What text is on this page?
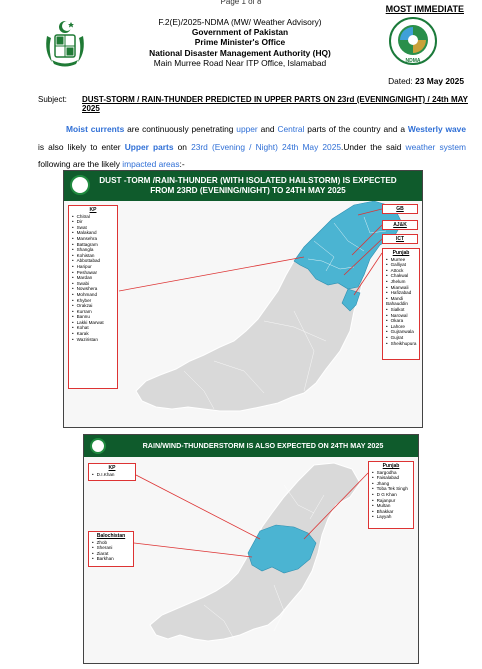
Page 1 of 8
MOST IMMEDIATE
F.2(E)/2025-NDMA (MW/ Weather Advisory)
Government of Pakistan
Prime Minister's Office
National Disaster Management Authority (HQ)
Main Murree Road Near ITP Office, Islamabad	NDMA
Dated: 23 May 2025
Subject: DUST-STORM / RAIN-THUNDER PREDICTED IN UPPER PARTS ON 23rd (EVENING/NIGHT) / 24th MAY 2025
Moist currents are continuously penetrating upper and Central parts of the country and a Westerly wave is also likely to enter Upper parts on 23rd (Evening / Night) 24th May 2025.Under the said weather system following are the likely impacted areas:-
DUST -TORM /RAIN-THUNDER (WITH ISOLATED HAILSTORM) IS EXPECTED FROM 23RD (EVENING/NIGHT) TO 24TH MAY 2025
KP
• Chitral
• Dir
• Swat
• Malakand
• Mansehra
• Battagram
• Shangla
• Kohistan
• Abbottabad
• Haripur
• Peshawar
• Mardan
• Swabi
• Nowshera
• Mohmand
• Khyber
• Orakzai
• Kurram
• Bannu
• Lakki Marwat
• Kohat
• Karak
• Waziristan
GB
AJ&K
ICT
Punjab
• Murree
• Galliyat
• Attock
• Chakwal
• Jhelum
• Mianwali
• Hafizabad
• Mandi Bahauddin
• Sialkot
• Narowal
• Okara
• Lahore
• Gujranwala
• Gujrat
• Sheikhupura
RAIN/WIND-THUNDERSTORM IS ALSO EXPECTED ON 24TH MAY 2025
KP
• D.I.Khan
Balochistan
• Zhob
• Sherani
• Ziarat
• Barkhan
Punjab
• Sargodha
• Faisalabad
• Jhang
• Toba Tek Singh
• D G Khan
• Rajanpur
• Multan
• Bhakkar
• Layyah
